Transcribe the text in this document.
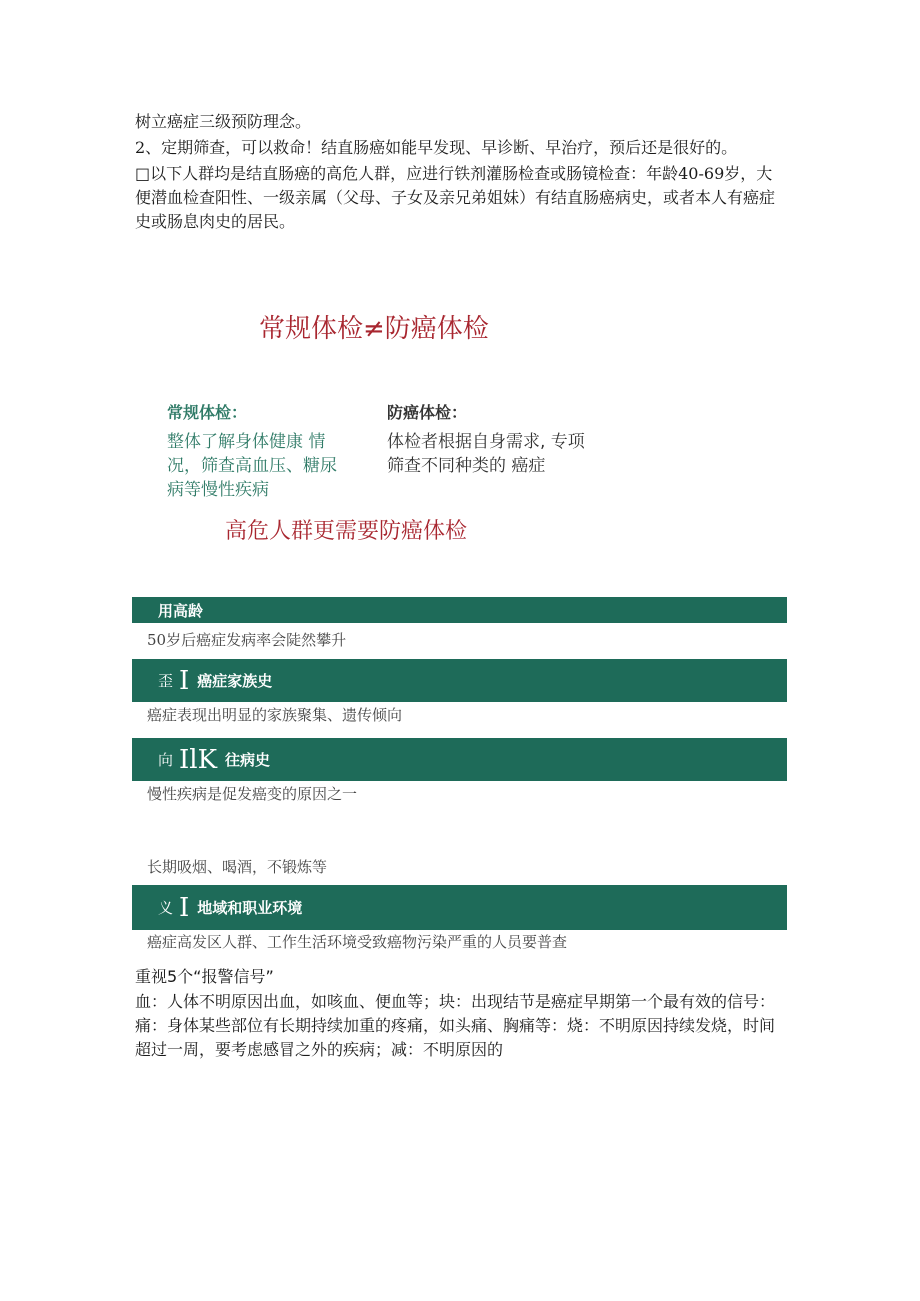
树立癌症三级预防理念。

2、定期筛查，可以救命！结直肠癌如能早发现、早诊断、早治疗，预后还是很好的。

□以下人群均是结直肠癌的高危人群，应进行铁剂灌肠检查或肠镜检查：年龄40-69岁，大便潜血检查阳性、一级亲属（父母、子女及亲兄弟姐妹）有结直肠癌病史，或者本人有癌症史或肠息肉史的居民。

常规体检≠防癌体检

常规体检：

整体了解身体健康 情况，筛查高血压、糖尿病等慢性疾病

防癌体检：

体检者根据自身需求, 专项筛查不同种类的 癌症

高危人群更需要防癌体检

用高龄

50岁后癌症发病率会陡然攀升

歪 I 癌症家族史

癌症表现出明显的家族聚集、遗传倾向

向 IlK 往病史

慢性疾病是促发癌变的原因之一

长期吸烟、喝酒，不锻炼等

义 I 地域和职业环境

癌症高发区人群、工作生活环境受致癌物污染严重的人员要普查

重视5个“报警信号”

血：人体不明原因出血，如咳血、便血等；块：出现结节是癌症早期第一个最有效的信号：痛：身体某些部位有长期持续加重的疼痛，如头痛、胸痛等：烧：不明原因持续发烧，时间超过一周，要考虑感冒之外的疾病；减：不明原因的
